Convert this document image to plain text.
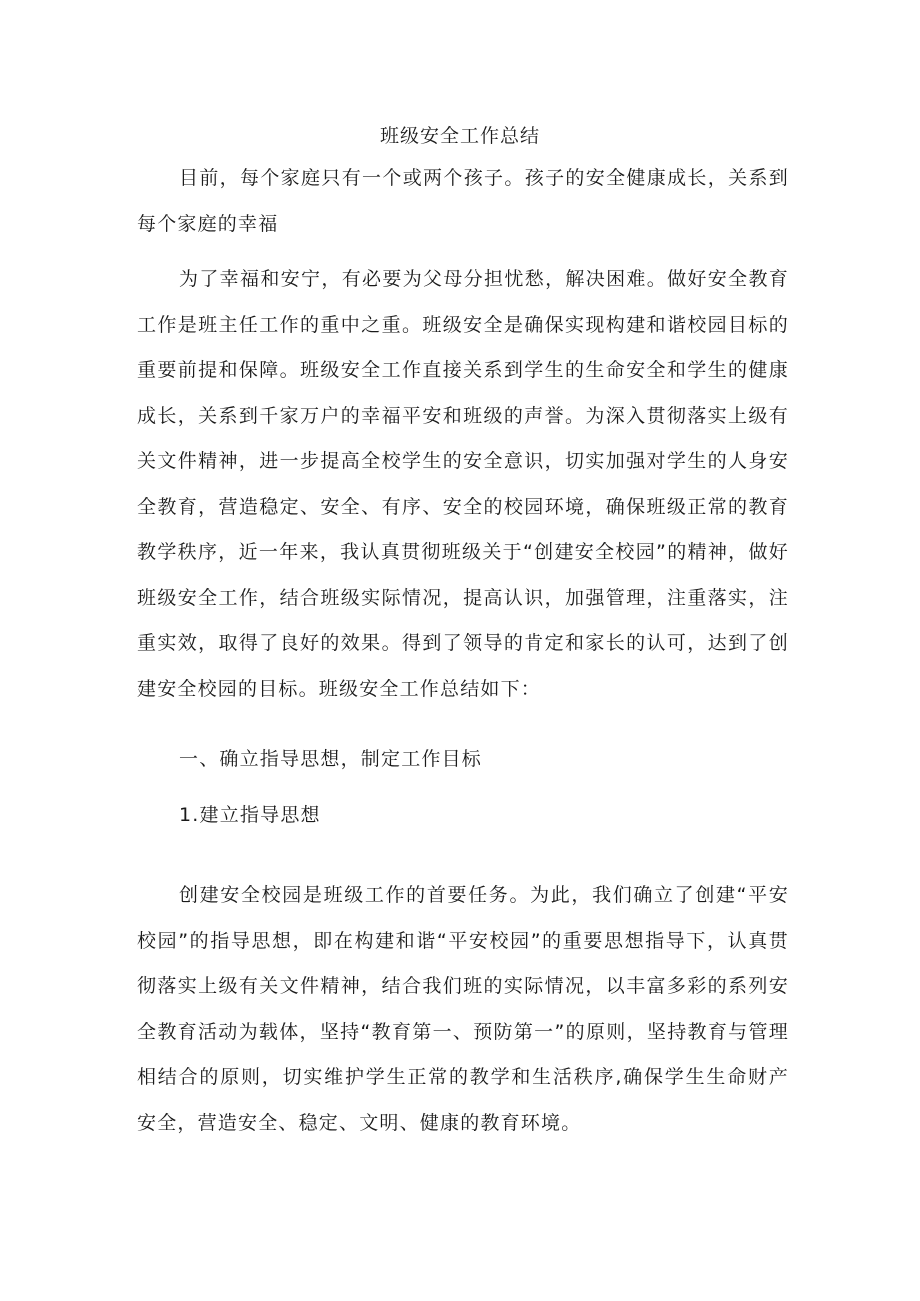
班级安全工作总结

目前，每个家庭只有一个或两个孩子。孩子的安全健康成长，关系到每个家庭的幸福

为了幸福和安宁，有必要为父母分担忧愁，解决困难。做好安全教育工作是班主任工作的重中之重。班级安全是确保实现构建和谐校园目标的重要前提和保障。班级安全工作直接关系到学生的生命安全和学生的健康成长，关系到千家万户的幸福平安和班级的声誉。为深入贯彻落实上级有关文件精神，进一步提高全校学生的安全意识，切实加强对学生的人身安全教育，营造稳定、安全、有序、安全的校园环境，确保班级正常的教育教学秩序，近一年来，我认真贯彻班级关于“创建安全校园”的精神，做好班级安全工作，结合班级实际情况，提高认识，加强管理，注重落实，注重实效，取得了良好的效果。得到了领导的肯定和家长的认可，达到了创建安全校园的目标。班级安全工作总结如下：

一、确立指导思想，制定工作目标
1.建立指导思想

创建安全校园是班级工作的首要任务。为此，我们确立了创建“平安校园”的指导思想，即在构建和谐“平安校园”的重要思想指导下，认真贯彻落实上级有关文件精神，结合我们班的实际情况，以丰富多彩的系列安全教育活动为载体，坚持“教育第一、预防第一”的原则，坚持教育与管理相结合的原则，切实维护学生正常的教学和生活秩序,确保学生生命财产安全，营造安全、稳定、文明、健康的教育环境。
